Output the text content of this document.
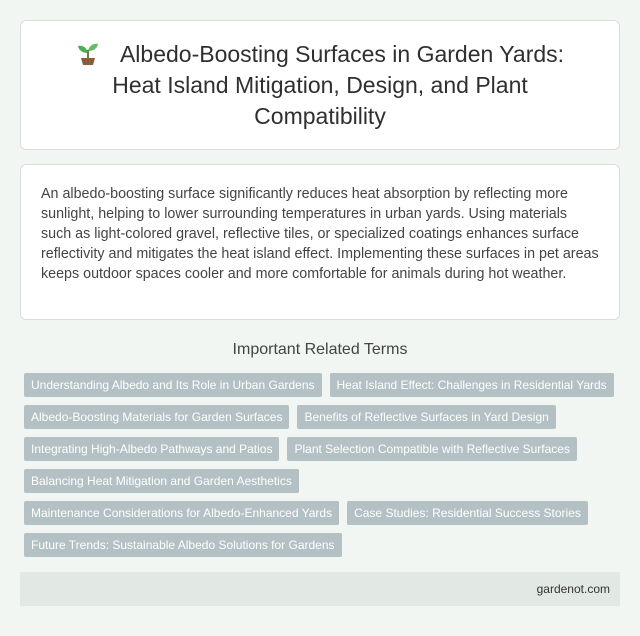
Albedo-Boosting Surfaces in Garden Yards: Heat Island Mitigation, Design, and Plant Compatibility

An albedo-boosting surface significantly reduces heat absorption by reflecting more sunlight, helping to lower surrounding temperatures in urban yards. Using materials such as light-colored gravel, reflective tiles, or specialized coatings enhances surface reflectivity and mitigates the heat island effect. Implementing these surfaces in pet areas keeps outdoor spaces cooler and more comfortable for animals during hot weather.

Important Related Terms
Understanding Albedo and Its Role in Urban Gardens	Heat Island Effect: Challenges in Residential Yards
Albedo-Boosting Materials for Garden Surfaces	Benefits of Reflective Surfaces in Yard Design
Integrating High-Albedo Pathways and Patios	Plant Selection Compatible with Reflective Surfaces
Balancing Heat Mitigation and Garden Aesthetics
Maintenance Considerations for Albedo-Enhanced Yards	Case Studies: Residential Success Stories
Future Trends: Sustainable Albedo Solutions for Gardens
gardenot.com
